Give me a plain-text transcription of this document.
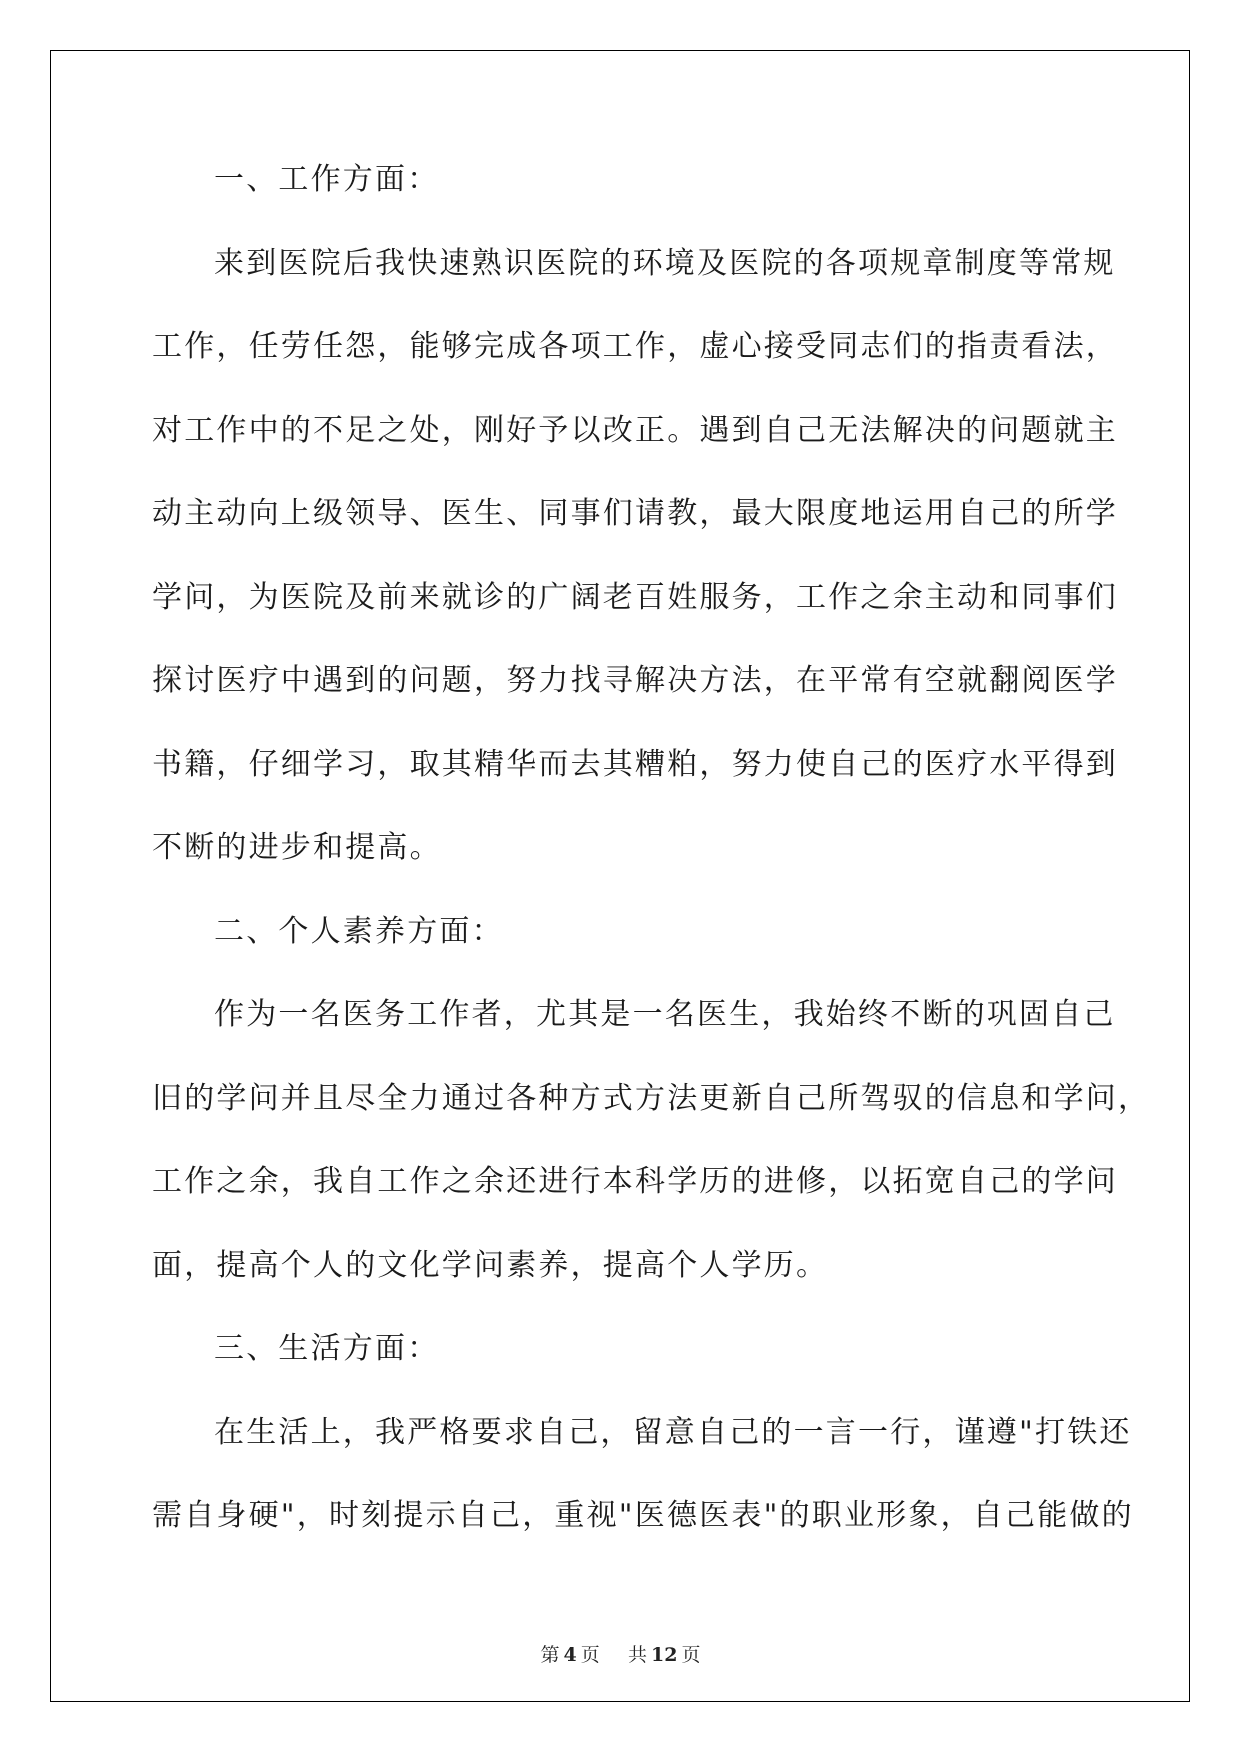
一、工作方面：
来到医院后我快速熟识医院的环境及医院的各项规章制度等常规
工作，任劳任怨，能够完成各项工作，虚心接受同志们的指责看法，
对工作中的不足之处，刚好予以改正。遇到自己无法解决的问题就主
动主动向上级领导、医生、同事们请教，最大限度地运用自己的所学
学问，为医院及前来就诊的广阔老百姓服务，工作之余主动和同事们
探讨医疗中遇到的问题，努力找寻解决方法，在平常有空就翻阅医学
书籍，仔细学习，取其精华而去其糟粕，努力使自己的医疗水平得到
不断的进步和提高。
二、个人素养方面：
作为一名医务工作者，尤其是一名医生，我始终不断的巩固自己
旧的学问并且尽全力通过各种方式方法更新自己所驾驭的信息和学问，
工作之余，我自工作之余还进行本科学历的进修，以拓宽自己的学问
面，提高个人的文化学问素养，提高个人学历。
三、生活方面：
在生活上，我严格要求自己，留意自己的一言一行，谨遵"打铁还
需自身硬"，时刻提示自己，重视"医德医表"的职业形象，自己能做的
第 4 页 共 12 页
